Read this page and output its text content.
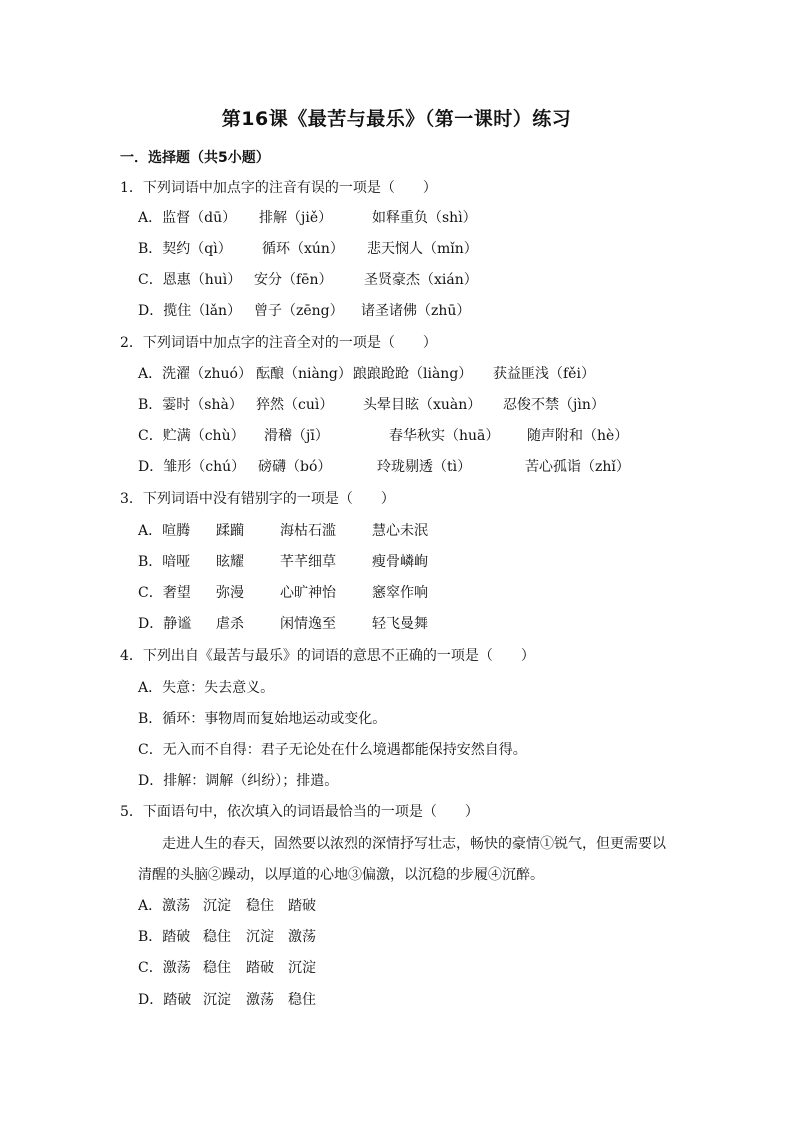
第16课《最苦与最乐》（第一课时）练习
一．选择题（共5小题）
1．下列词语中加点字的注音有误的一项是（　　）
A．监督（dū） 排解（jiě）	如释重负（shì）
B．契约（qì） 循环（xún） 悲天悯人（mǐn）
C．恩惠（huì） 安分（fēn） 圣贤豪杰（xián）
D．揽住（lǎn） 曾子（zēng） 诸圣诸佛（zhū）
2．下列词语中加点字的注音全对的一项是（　　）
A．洗濯（zhuó） 酝酿（niàng） 踉踉跄跄（liàng） 获益匪浅（fěi）
B．霎时（shà） 猝然（cuì） 头晕目眩（xuàn） 忍俊不禁（jìn）
C．贮满（chù） 滑稽（jī）	春华秋实（huā） 随声附和（hè）
D．雏形（chú） 磅礴（bó）	玲珑剔透（tì）	苦心孤诣（zhǐ）
3．下列词语中没有错别字的一项是（　　）
A．喧腾 蹂躏	海枯石滥	慧心未泯
B．喑哑 眩耀	芊芊细草	瘦骨嶙峋
C．奢望 弥漫	心旷神怡	窸窣作响
D．静谧 虐杀	闲情逸至	轻飞曼舞
4．下列出自《最苦与最乐》的词语的意思不正确的一项是（　　）
A．失意：失去意义。
B．循环：事物周而复始地运动或变化。
C．无入而不自得：君子无论处在什么境遇都能保持安然自得。
D．排解：调解（纠纷）；排遣。
5．下面语句中，依次填入的词语最恰当的一项是（　　）
走进人生的春天，固然要以浓烈的深情抒写壮志，畅快的豪情①锐气，但更需要以
清醒的头脑②躁动，以厚道的心地③偏激，以沉稳的步履④沉醉。
A．激荡 沉淀 稳住 踏破
B．踏破 稳住 沉淀 激荡
C．激荡 稳住 踏破 沉淀
D．踏破 沉淀 激荡 稳住
